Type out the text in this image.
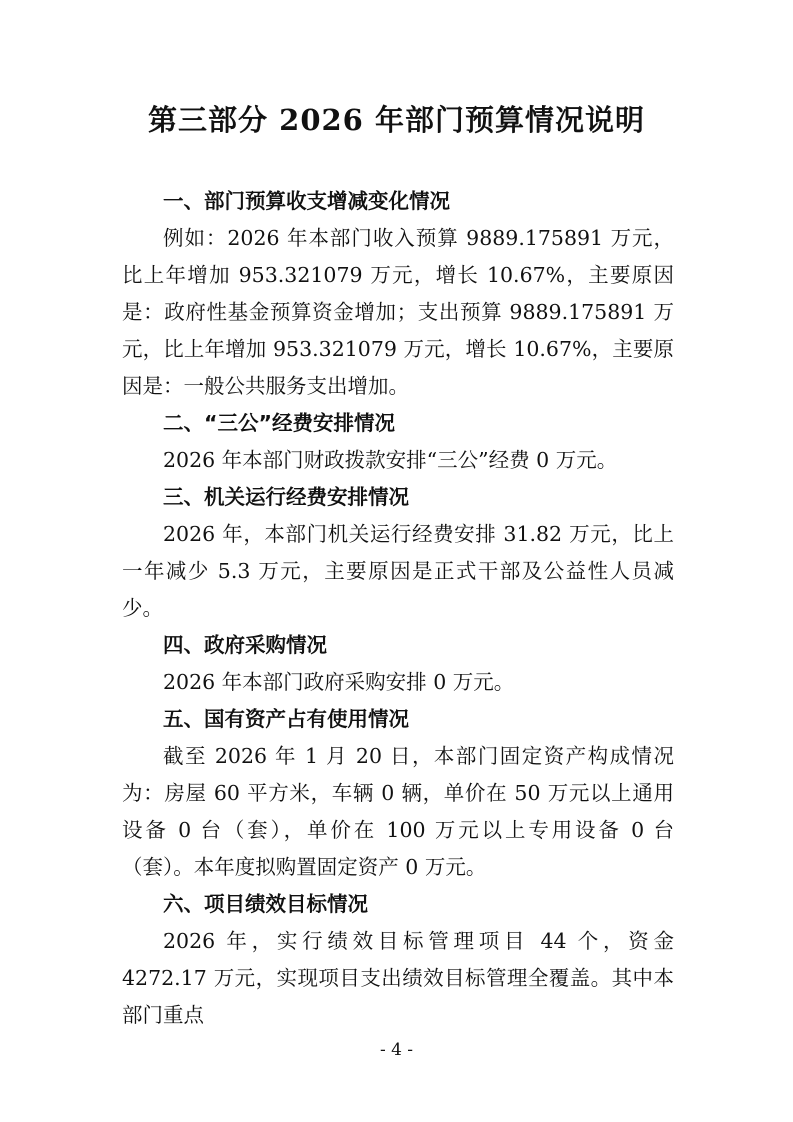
第三部分 2026 年部门预算情况说明
一、部门预算收支增减变化情况

例如：2026 年本部门收入预算 9889.175891 万元，比上年增加 953.321079 万元，增长 10.67%，主要原因是：政府性基金预算资金增加；支出预算 9889.175891 万元，比上年增加 953.321079 万元，增长 10.67%，主要原因是：一般公共服务支出增加。

二、“三公”经费安排情况

2026 年本部门财政拨款安排“三公”经费 0 万元。

三、机关运行经费安排情况

2026 年，本部门机关运行经费安排 31.82 万元，比上一年减少 5.3 万元，主要原因是正式干部及公益性人员减少。

四、政府采购情况

2026 年本部门政府采购安排 0 万元。

五、国有资产占有使用情况

截至 2026 年 1 月 20 日，本部门固定资产构成情况为：房屋 60 平方米，车辆 0 辆，单价在 50 万元以上通用设备 0 台（套），单价在 100 万元以上专用设备 0 台（套）。本年度拟购置固定资产 0 万元。

六、项目绩效目标情况

2026 年，实行绩效目标管理项目 44 个，资金 4272.17 万元，实现项目支出绩效目标管理全覆盖。其中本部门重点

- 4 -
